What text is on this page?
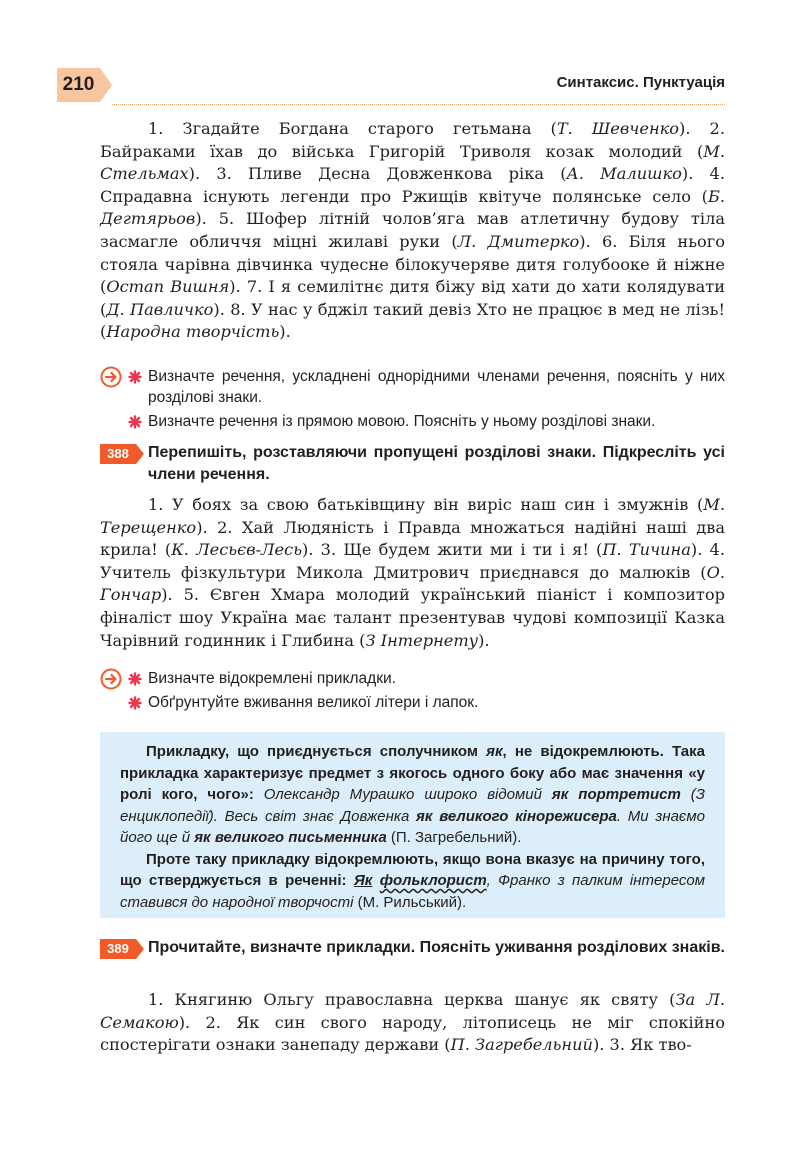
210	Синтаксис. Пунктуація
1. Згадайте Богдана старого гетьмана (Т. Шевченко). 2. Байраками їхав до війська Григорій Триволя козак молодий (М. Стельмах). 3. Пливе Десна Довженкова ріка (А. Малишко). 4. Спрадавна існують легенди про Ржищів квітуче полянське село (Б. Дегтярьов). 5. Шофер літній чолов’яга мав атлетичну будову тіла засмагле обличчя міцні жилаві руки (Л. Дмитерко). 6. Біля нього стояла чарівна дівчинка чудесне білокучеряве дитя голубооке й ніжне (Остап Вишня). 7. І я семилітнє дитя біжу від хати до хати колядувати (Д. Павличко). 8. У нас у бджіл такий девіз Хто не працює в мед не лізь! (Народна творчість).
Визначте речення, ускладнені однорідними членами речення, поясніть у них розділові знаки.
Визначте речення із прямою мовою. Поясніть у ньому розділові знаки.
388	Перепишіть, розставляючи пропущені розділові знаки. Підкресліть усі члени речення.
1. У боях за свою батьківщину він виріс наш син і змужнів (М. Терещенко). 2. Хай Людяність і Правда множаться надійні наші два крила! (К. Лесьєв-Лесь). 3. Ще будем жити ми і ти і я! (П. Тичина). 4. Учитель фізкультури Микола Дмитрович приєднався до малюків (О. Гончар). 5. Євген Хмара молодий український піаніст і композитор фіналіст шоу Україна має талант презентував чудові композиції Казка Чарівний годинник і Глибина (З Інтернету).
Визначте відокремлені прикладки.
Обґрунтуйте вживання великої літери і лапок.
Прикладку, що приєднується сполучником як, не відокремлюють. Така прикладка характеризує предмет з якогось одного боку або має значення «у ролі кого, чого»: Олександр Мурашко широко відомий як портретист (З енциклопедії). Весь світ знає Довженка як великого кінорежисера. Ми знаємо його ще й як великого письменника (П. Загребельний).
Проте таку прикладку відокремлюють, якщо вона вказує на причину того, що стверджується в реченні: Як фольклорист, Франко з палким інтересом ставився до народної творчості (М. Рильський).
389	Прочитайте, визначте прикладки. Поясніть уживання розділових знаків.
1. Княгиню Ольгу православна церква шанує як святу (За Л. Семакою). 2. Як син свого народу, літописець не міг спокійно спостерігати ознаки занепаду держави (П. Загребельний). 3. Як тво-
